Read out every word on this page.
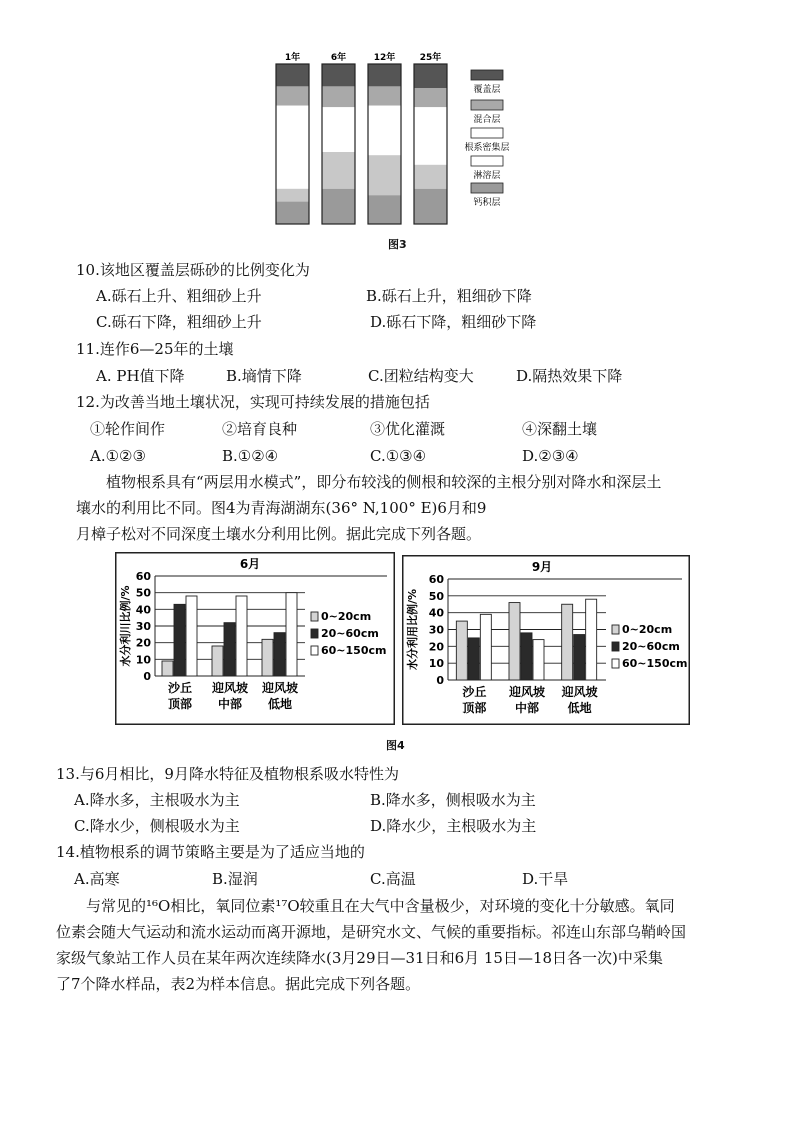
1年	6年	12年	25年
覆盖层
混合层
根系密集层
淋溶层
钙积层
图3
10.该地区覆盖层砾砂的比例变化为
A.砾石上升、粗细砂上升	B.砾石上升，粗细砂下降
C.砾石下降，粗细砂上升	D.砾石下降，粗细砂下降
11.连作6—25年的土壤
A. PH值下降	B.墒情下降	C.团粒结构变大	D.隔热效果下降
12.为改善当地土壤状况，实现可持续发展的措施包括
①轮作间作	②培育良种	③优化灌溉	④深翻土壤
A.①②③	B.①②④	C.①③④	D.②③④
植物根系具有“两层用水模式”，即分布较浅的侧根和较深的主根分别对降水和深层土
壤水的利用比不同。图4为青海湖湖东(36° N,100° E)6月和9
月樟子松对不同深度土壤水分利用比例。据此完成下列各题。
6月
水分利川比例/%
0
10
20
30
40
50
60
沙丘
顶部
迎风坡
中部
迎风坡
低地
0~20cm
20~60cm
60~150cm
9月
水分利用比例/%
0
10
20
30
40
50
60
沙丘
顶部
迎风坡
中部
迎风坡
低地
0~20cm
20~60cm
60~150cm
图4
13.与6月相比，9月降水特征及植物根系吸水特性为
A.降水多，主根吸水为主	B.降水多，侧根吸水为主
C.降水少，侧根吸水为主	D.降水少，主根吸水为主
14.植物根系的调节策略主要是为了适应当地的
A.高寒	B.湿润	C.高温	D.干旱
与常见的¹⁶O相比，氧同位素¹⁷O较重且在大气中含量极少，对环境的变化十分敏感。氧同
位素会随大气运动和流水运动而离开源地，是研究水文、气候的重要指标。祁连山东部乌鞘岭国
家级气象站工作人员在某年两次连续降水(3月29日—31日和6月 15日—18日各一次)中采集
了7个降水样品，表2为样本信息。据此完成下列各题。
